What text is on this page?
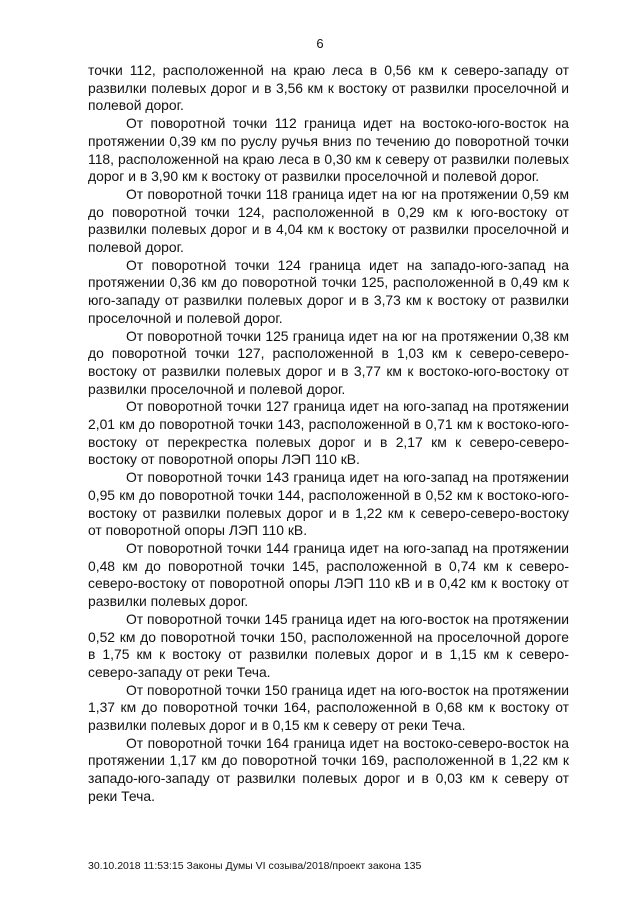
6

точки 112, расположенной на краю леса в 0,56 км к северо-западу от развилки полевых дорог и в 3,56 км к востоку от развилки проселочной и полевой дорог.

От поворотной точки 112 граница идет на востоко-юго-восток на протяжении 0,39 км по руслу ручья вниз по течению до поворотной точки 118, расположенной на краю леса в 0,30 км к северу от развилки полевых дорог и в 3,90 км к востоку от развилки проселочной и полевой дорог.

От поворотной точки 118 граница идет на юг на протяжении 0,59 км до поворотной точки 124, расположенной в 0,29 км к юго-востоку от развилки полевых дорог и в 4,04 км к востоку от развилки проселочной и полевой дорог.

От поворотной точки 124 граница идет на западо-юго-запад на протяжении 0,36 км до поворотной точки 125, расположенной в 0,49 км к юго-западу от развилки полевых дорог и в 3,73 км к востоку от развилки проселочной и полевой дорог.

От поворотной точки 125 граница идет на юг на протяжении 0,38 км до поворотной точки 127, расположенной в 1,03 км к северо-северо-востоку от развилки полевых дорог и в 3,77 км к востоко-юго-востоку от развилки проселочной и полевой дорог.

От поворотной точки 127 граница идет на юго-запад на протяжении 2,01 км до поворотной точки 143, расположенной в 0,71 км к востоко-юго-востоку от перекрестка полевых дорог и в 2,17 км к северо-северо-востоку от поворотной опоры ЛЭП 110 кВ.

От поворотной точки 143 граница идет на юго-запад на протяжении 0,95 км до поворотной точки 144, расположенной в 0,52 км к востоко-юго-востоку от развилки полевых дорог и в 1,22 км к северо-северо-востоку от поворотной опоры ЛЭП 110 кВ.

От поворотной точки 144 граница идет на юго-запад на протяжении 0,48 км до поворотной точки 145, расположенной в 0,74 км к северо-северо-востоку от поворотной опоры ЛЭП 110 кВ и в 0,42 км к востоку от развилки полевых дорог.

От поворотной точки 145 граница идет на юго-восток на протяжении 0,52 км до поворотной точки 150, расположенной на проселочной дороге в 1,75 км к востоку от развилки полевых дорог и в 1,15 км к северо-северо-западу от реки Теча.

От поворотной точки 150 граница идет на юго-восток на протяжении 1,37 км до поворотной точки 164, расположенной в 0,68 км к востоку от развилки полевых дорог и в 0,15 км к северу от реки Теча.

От поворотной точки 164 граница идет на востоко-северо-восток на протяжении 1,17 км до поворотной точки 169, расположенной в 1,22 км к западо-юго-западу от развилки полевых дорог и в 0,03 км к северу от реки Теча.

30.10.2018 11:53:15 Законы Думы VI созыва/2018/проект закона 135
